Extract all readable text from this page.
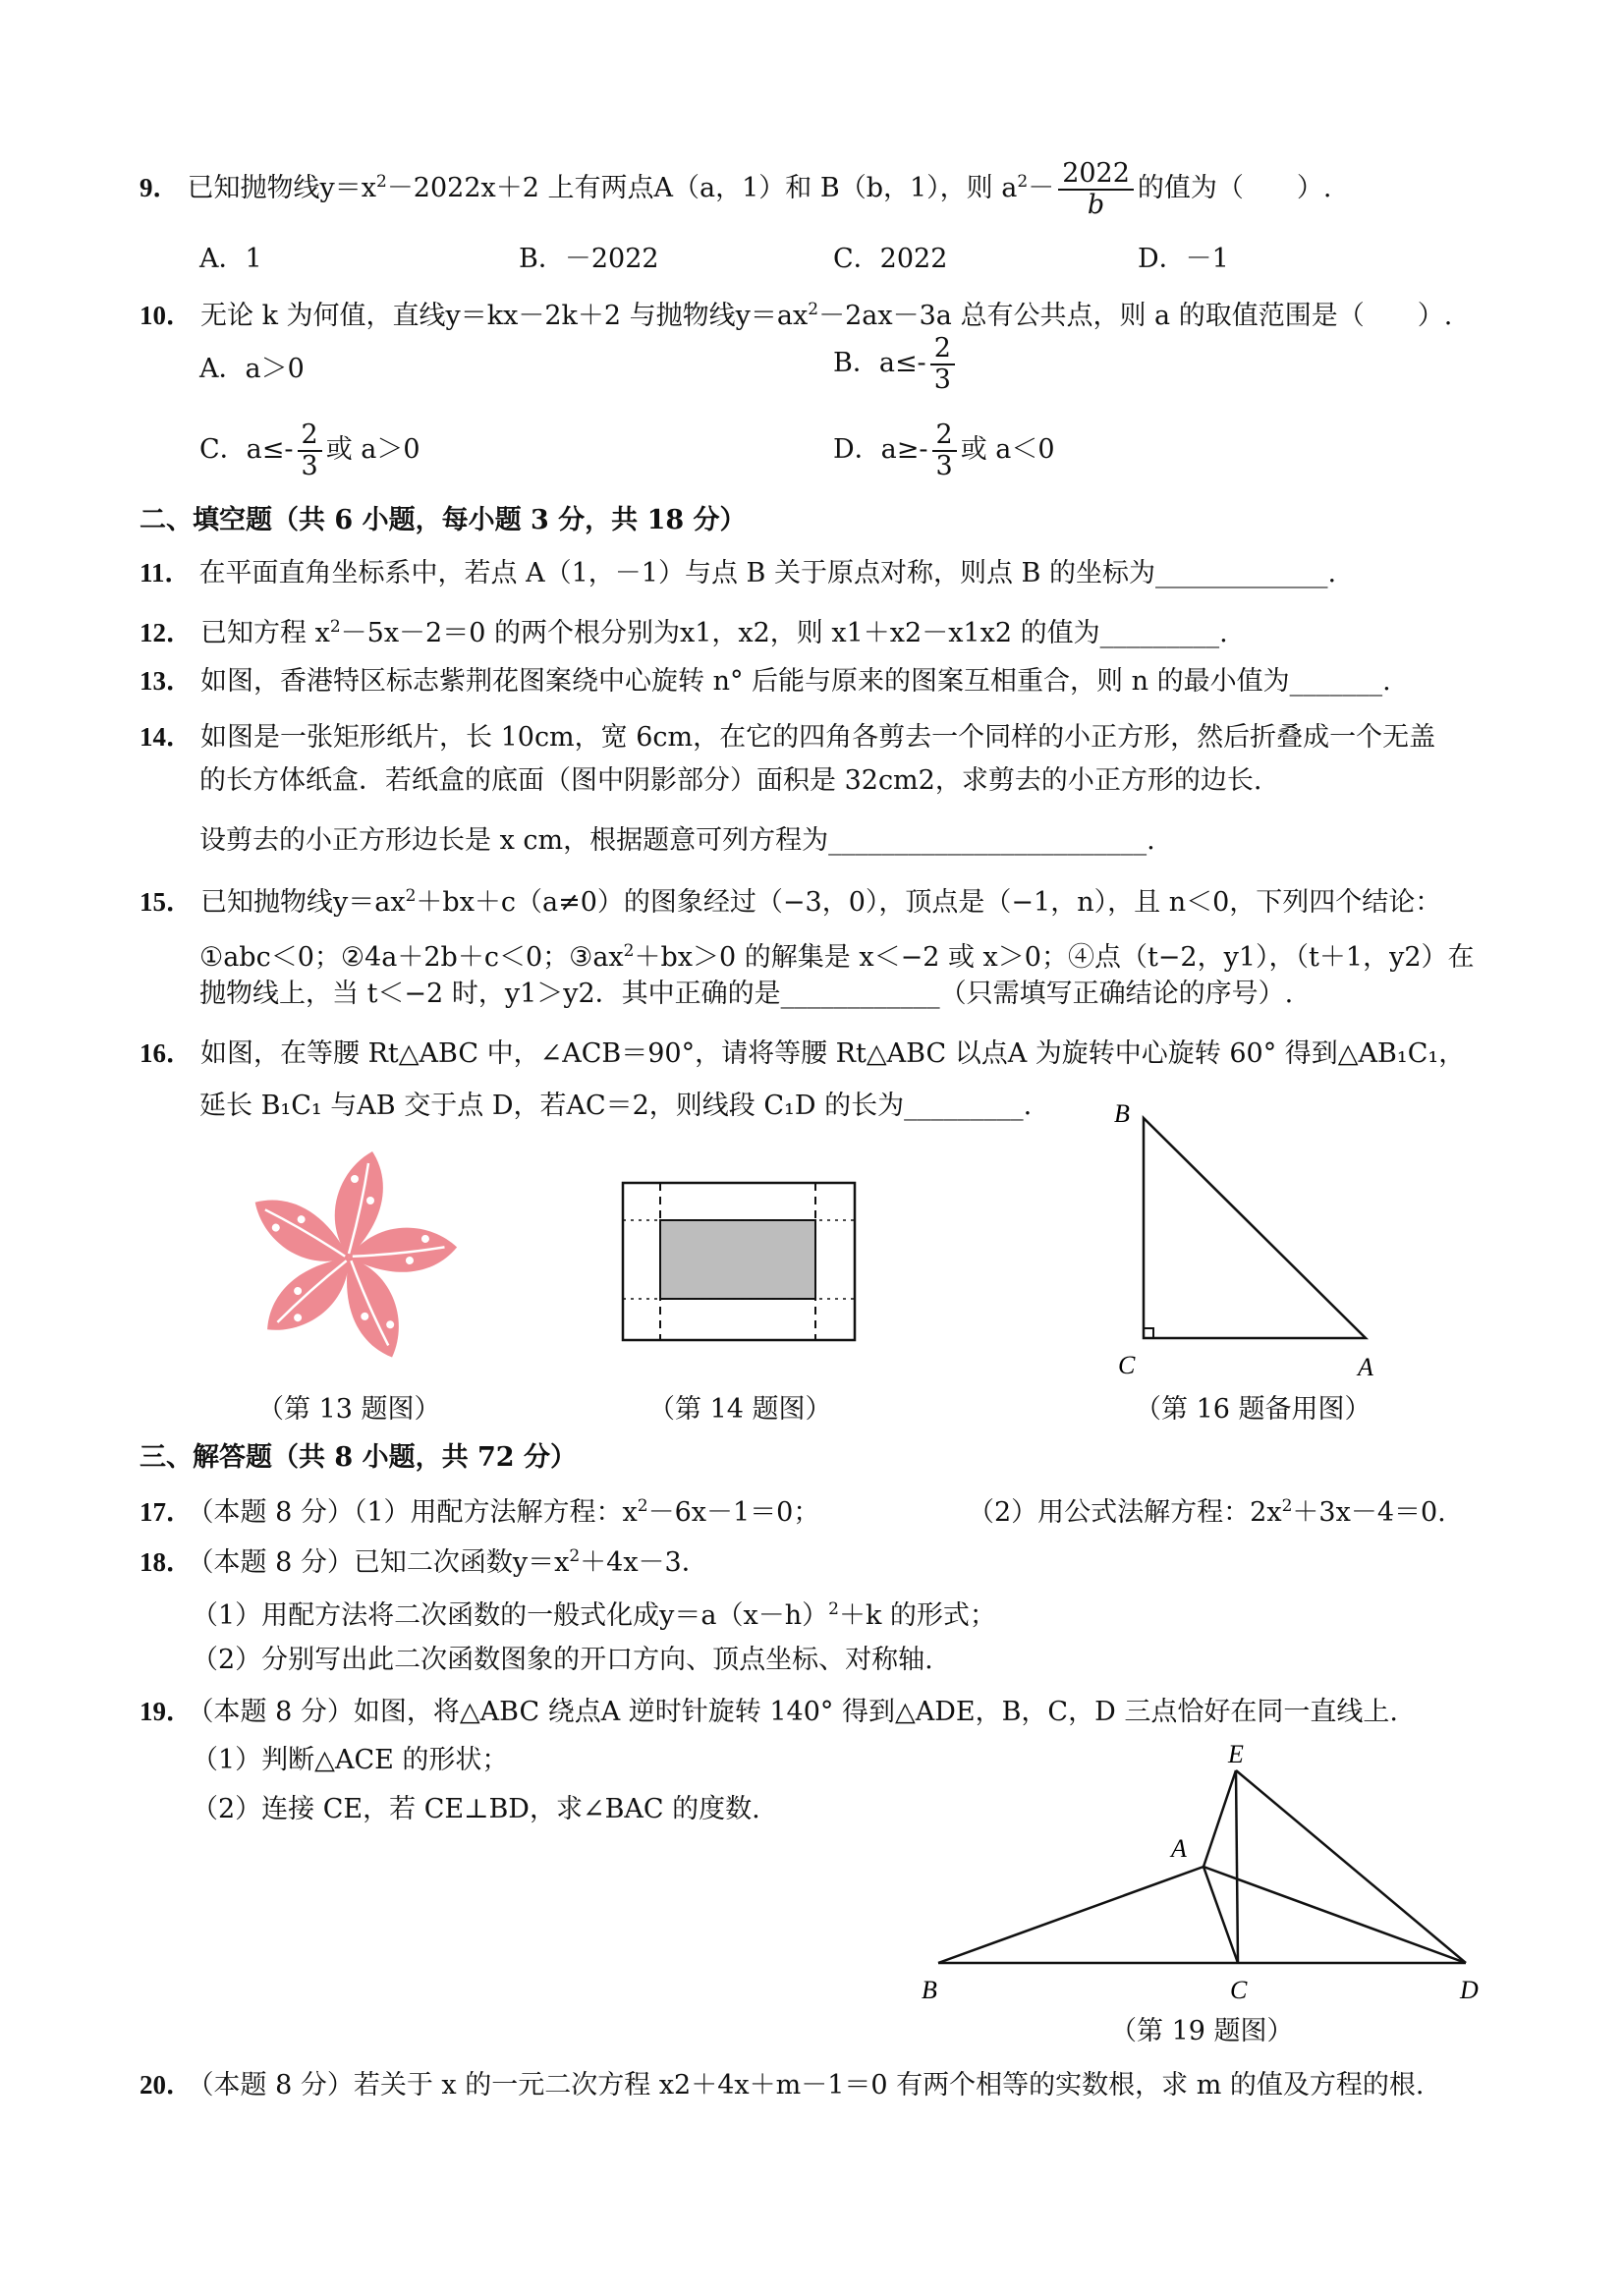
9． 已知抛物线$y=x^2-2022x+2$ 上有两点A（a，1）和 B（b，1），则 $a^2- \frac{2022}{b}$ 的值为（　　）.
A．1	B．－2022	C．2022	D．－1
10． 无论 k 为何值，直线y＝kx－2k＋2 与抛物线$y=ax^2-2ax-3a$ 总有公共点，则 a 的取值范围是（　　）.
A．a＞0	B．$a\le- \frac{2}{3}$
C．$a\le- \frac{2}{3}$ 或 a＞0	D．$a\ge- \frac{2}{3}$ 或 a＜0
二、填空题（共 6 小题，每小题 3 分，共 18 分）
11． 在平面直角坐标系中，若点 A（1，－1）与点 B 关于原点对称，则点 B 的坐标为_____________.
12． 已知方程 $x^2-5x-2=0$ 的两个根分别为x1，x2，则 x1＋x2－x1x2 的值为_________.
13． 如图，香港特区标志紫荆花图案绕中心旋转 n° 后能与原来的图案互相重合，则 n 的最小值为_______.
14． 如图是一张矩形纸片，长 10cm，宽 6cm，在它的四角各剪去一个同样的小正方形，然后折叠成一个无盖
的长方体纸盒．若纸盒的底面（图中阴影部分）面积是 32cm2，求剪去的小正方形的边长.
设剪去的小正方形边长是 x cm，根据题意可列方程为________________________.
15． 已知抛物线$y=ax^2+bx+c(a\ne 0)$的图象经过（−3，0），顶点是（−1，n），且 n＜0，下列四个结论：
①abc＜0；②4a＋2b＋c＜0；$③ax^2+bx>0$ 的解集是 x＜−2 或 x＞0；④点（t−2，y1），（t＋1，y2）在
抛物线上，当 t＜−2 时，y1＞y2．其中正确的是____________（只需填写正确结论的序号）.
16． 如图，在等腰 Rt△ABC 中，∠ACB＝90°，请将等腰 Rt△ABC 以点A 为旋转中心旋转 60° 得到△AB₁C₁，
延长 B₁C₁ 与AB 交于点 D，若AC＝2，则线段 C₁D 的长为_________.
（第 13 题图）	（第 14 题图）
B
C	A
（第 16 题备用图）
三、解答题（共 8 小题，共 72 分）
17． （本题 8 分）（1）用配方法解方程：$x^2-6x-1=0$；	（2）用公式法解方程：$2x^2+3x-4=0$.
18． （本题 8 分）已知二次函数$y=x^2+4x-3$．
（1）用配方法将二次函数的一般式化成$y=a(x-h)^2+k$ 的形式；
（2）分别写出此二次函数图象的开口方向、顶点坐标、对称轴.
19． （本题 8 分）如图，将△ABC 绕点A 逆时针旋转 140° 得到△ADE，B，C，D 三点恰好在同一直线上.
（1）判断△ACE 的形状；
（2）连接 CE，若 CE⊥BD，求∠BAC 的度数.
E
A
B	C	D
（第 19 题图）
20． （本题 8 分）若关于 x 的一元二次方程 x2＋4x＋m－1＝0 有两个相等的实数根，求 m 的值及方程的根.
